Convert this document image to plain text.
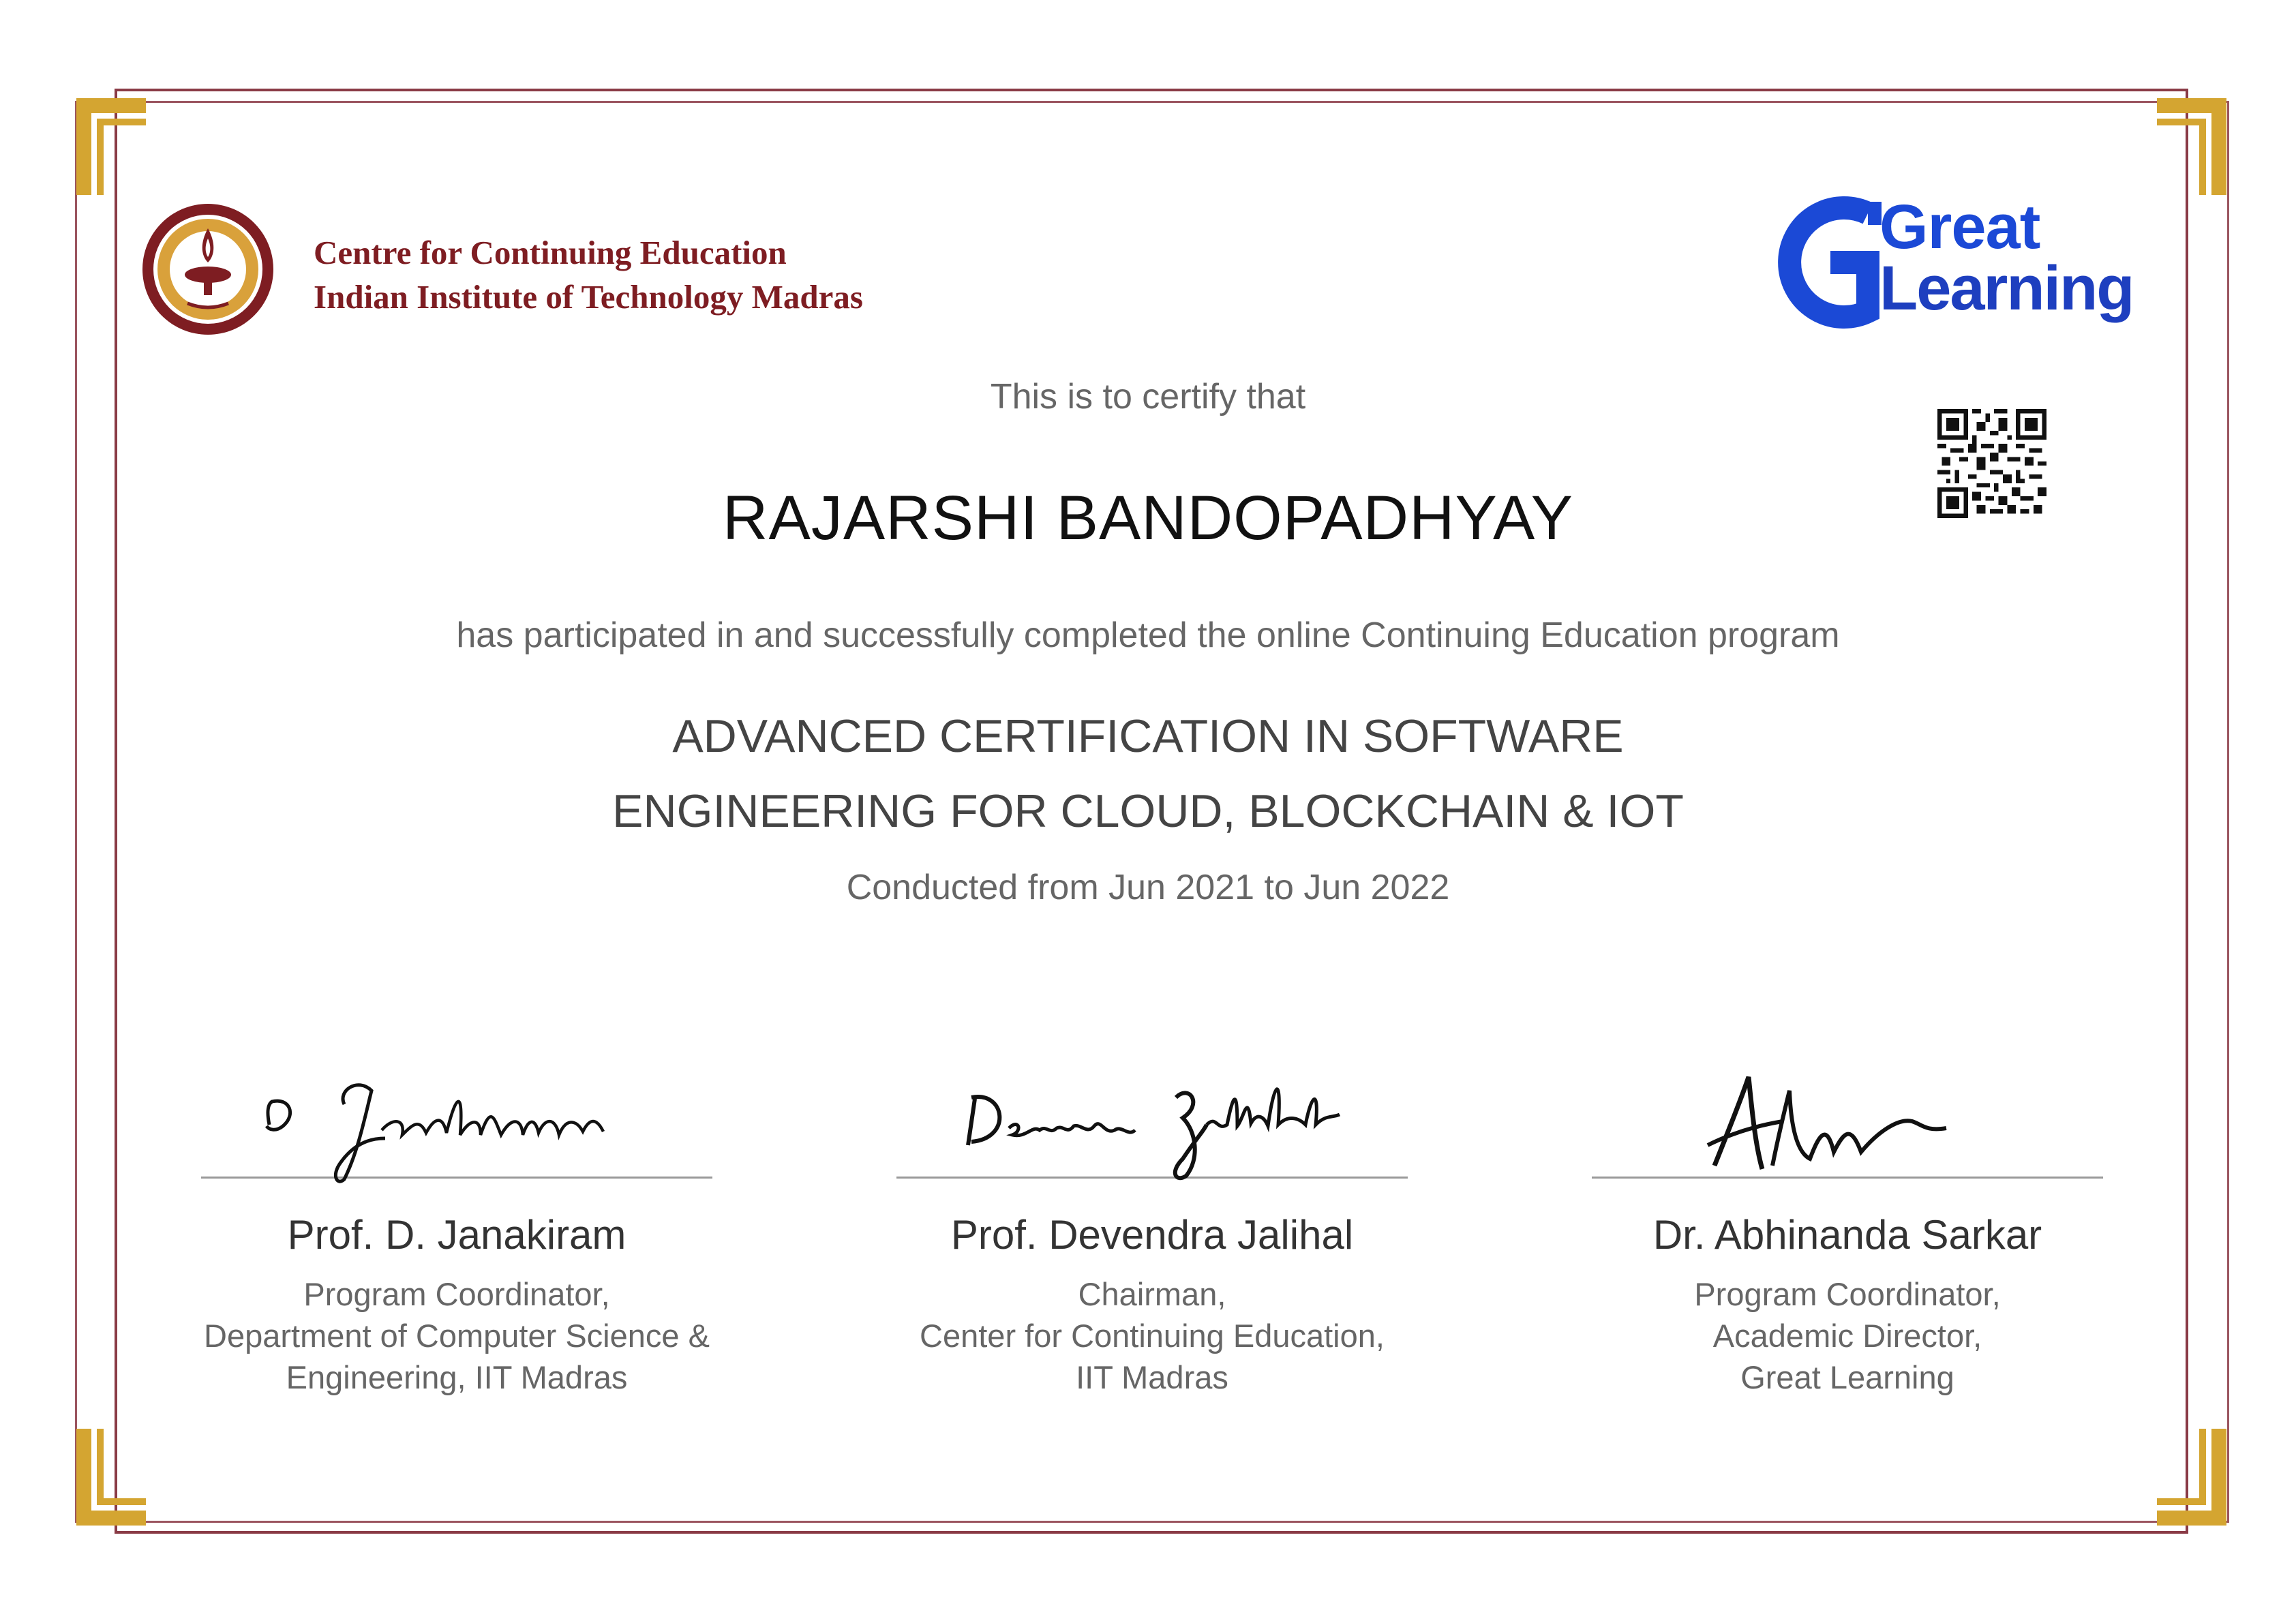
Centre for Continuing Education
Indian Institute of Technology Madras
Great
Learning
This is to certify that
RAJARSHI BANDOPADHYAY
has participated in and successfully completed the online Continuing Education program
ADVANCED CERTIFICATION IN SOFTWARE
ENGINEERING FOR CLOUD, BLOCKCHAIN & IOT
Conducted from Jun 2021 to Jun 2022
Prof. D. Janakiram
Program Coordinator,
Department of Computer Science &
Engineering, IIT Madras
Prof. Devendra Jalihal
Chairman,
Center for Continuing Education,
IIT Madras
Dr. Abhinanda Sarkar
Program Coordinator,
Academic Director,
Great Learning
